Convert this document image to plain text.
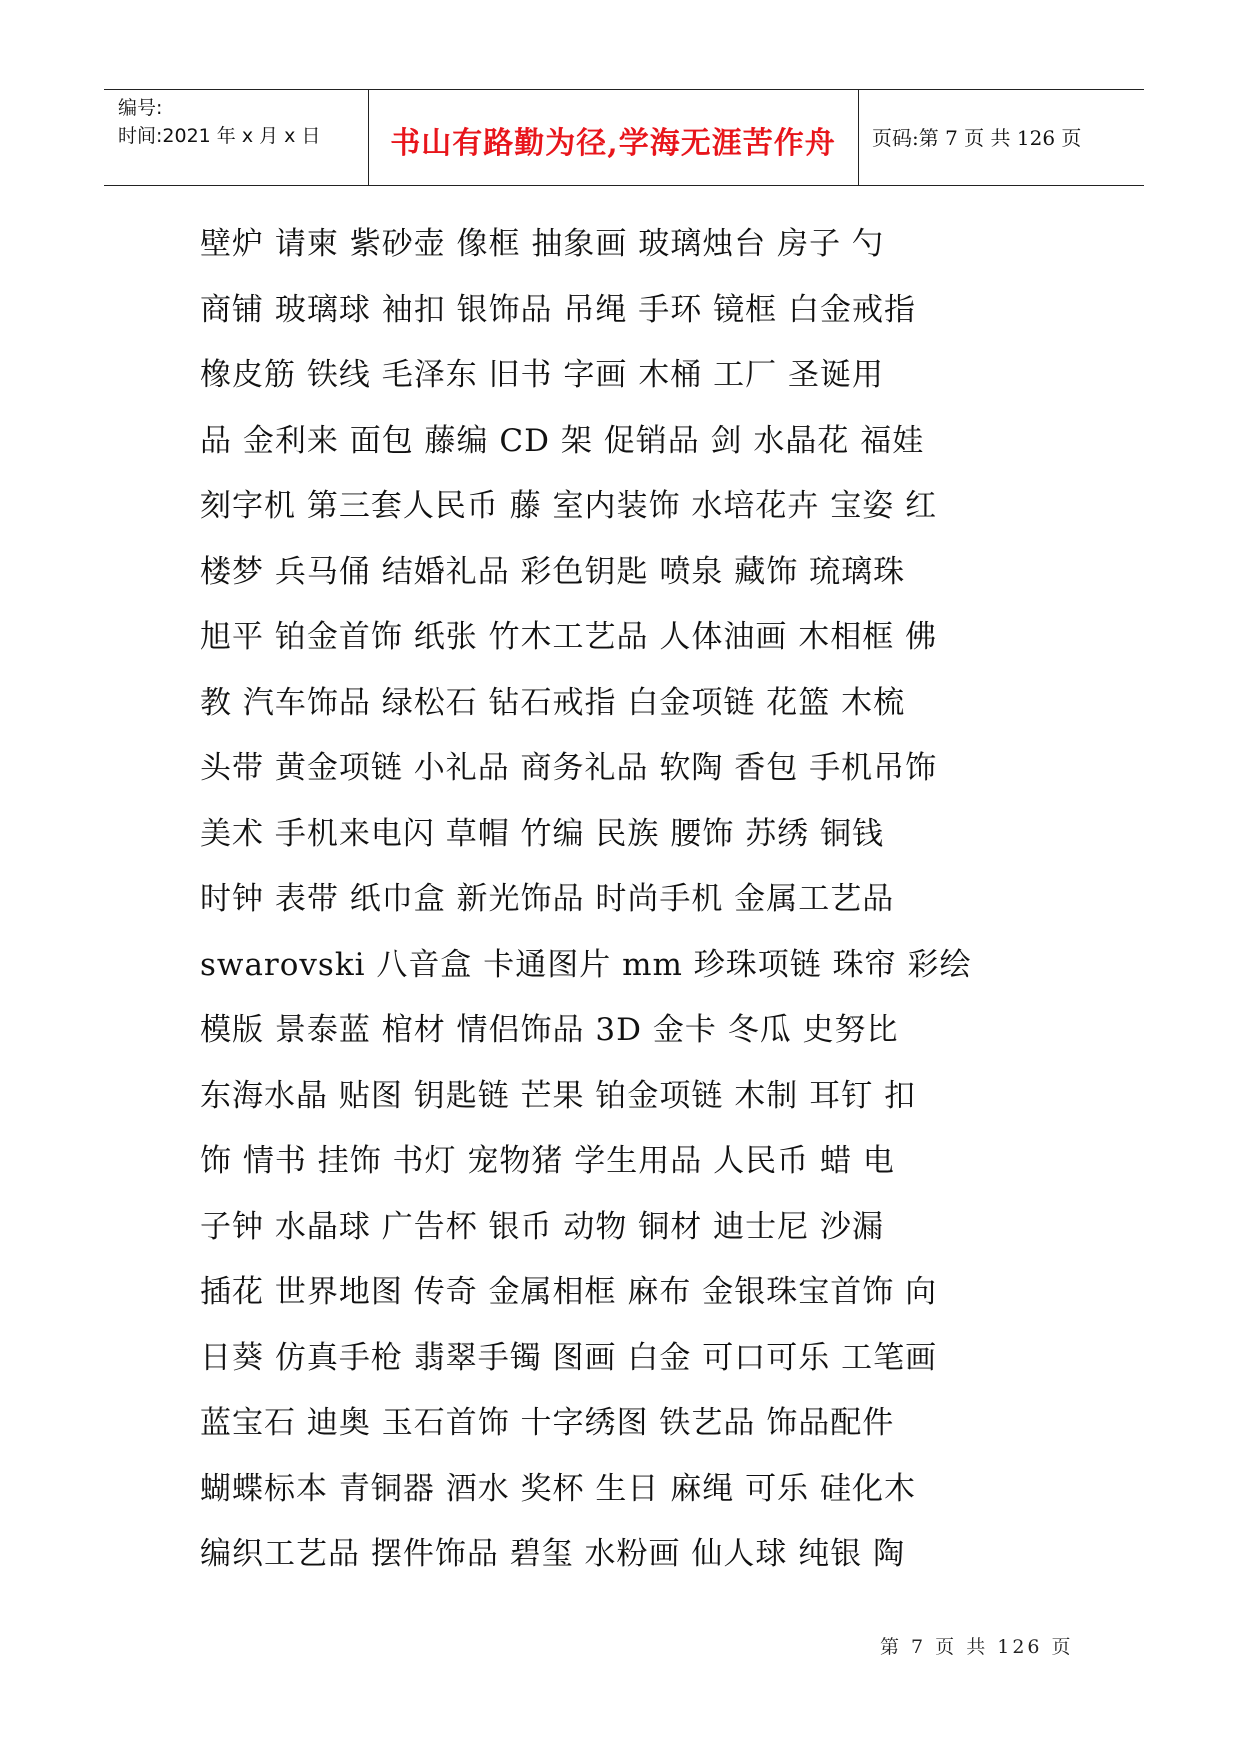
编号:
时间:2021 年 x 月 x 日	书山有路勤为径,学海无涯苦作舟	页码:第 7 页 共 126 页
壁炉 请柬 紫砂壶 像框 抽象画 玻璃烛台 房子 勺
商铺 玻璃球 袖扣 银饰品 吊绳 手环 镜框 白金戒指
橡皮筋 铁线 毛泽东 旧书 字画 木桶 工厂 圣诞用
品 金利来 面包 藤编 CD 架 促销品 剑 水晶花 福娃
刻字机 第三套人民币 藤 室内装饰 水培花卉 宝姿 红
楼梦 兵马俑 结婚礼品 彩色钥匙 喷泉 藏饰 琉璃珠
旭平 铂金首饰 纸张 竹木工艺品 人体油画 木相框 佛
教 汽车饰品 绿松石 钻石戒指 白金项链 花篮 木梳
头带 黄金项链 小礼品 商务礼品 软陶 香包 手机吊饰
美术 手机来电闪 草帽 竹编 民族 腰饰 苏绣 铜钱
时钟 表带 纸巾盒 新光饰品 时尚手机 金属工艺品
swarovski 八音盒 卡通图片 mm 珍珠项链 珠帘 彩绘
模版 景泰蓝 棺材 情侣饰品 3D 金卡 冬瓜 史努比
东海水晶 贴图 钥匙链 芒果 铂金项链 木制 耳钉 扣
饰 情书 挂饰 书灯 宠物猪 学生用品 人民币 蜡 电
子钟 水晶球 广告杯 银币 动物 铜材 迪士尼 沙漏
插花 世界地图 传奇 金属相框 麻布 金银珠宝首饰 向
日葵 仿真手枪 翡翠手镯 图画 白金 可口可乐 工笔画
蓝宝石 迪奥 玉石首饰 十字绣图 铁艺品 饰品配件
蝴蝶标本 青铜器 酒水 奖杯 生日 麻绳 可乐 硅化木
编织工艺品 摆件饰品 碧玺 水粉画 仙人球 纯银 陶
第 7 页 共 126 页
